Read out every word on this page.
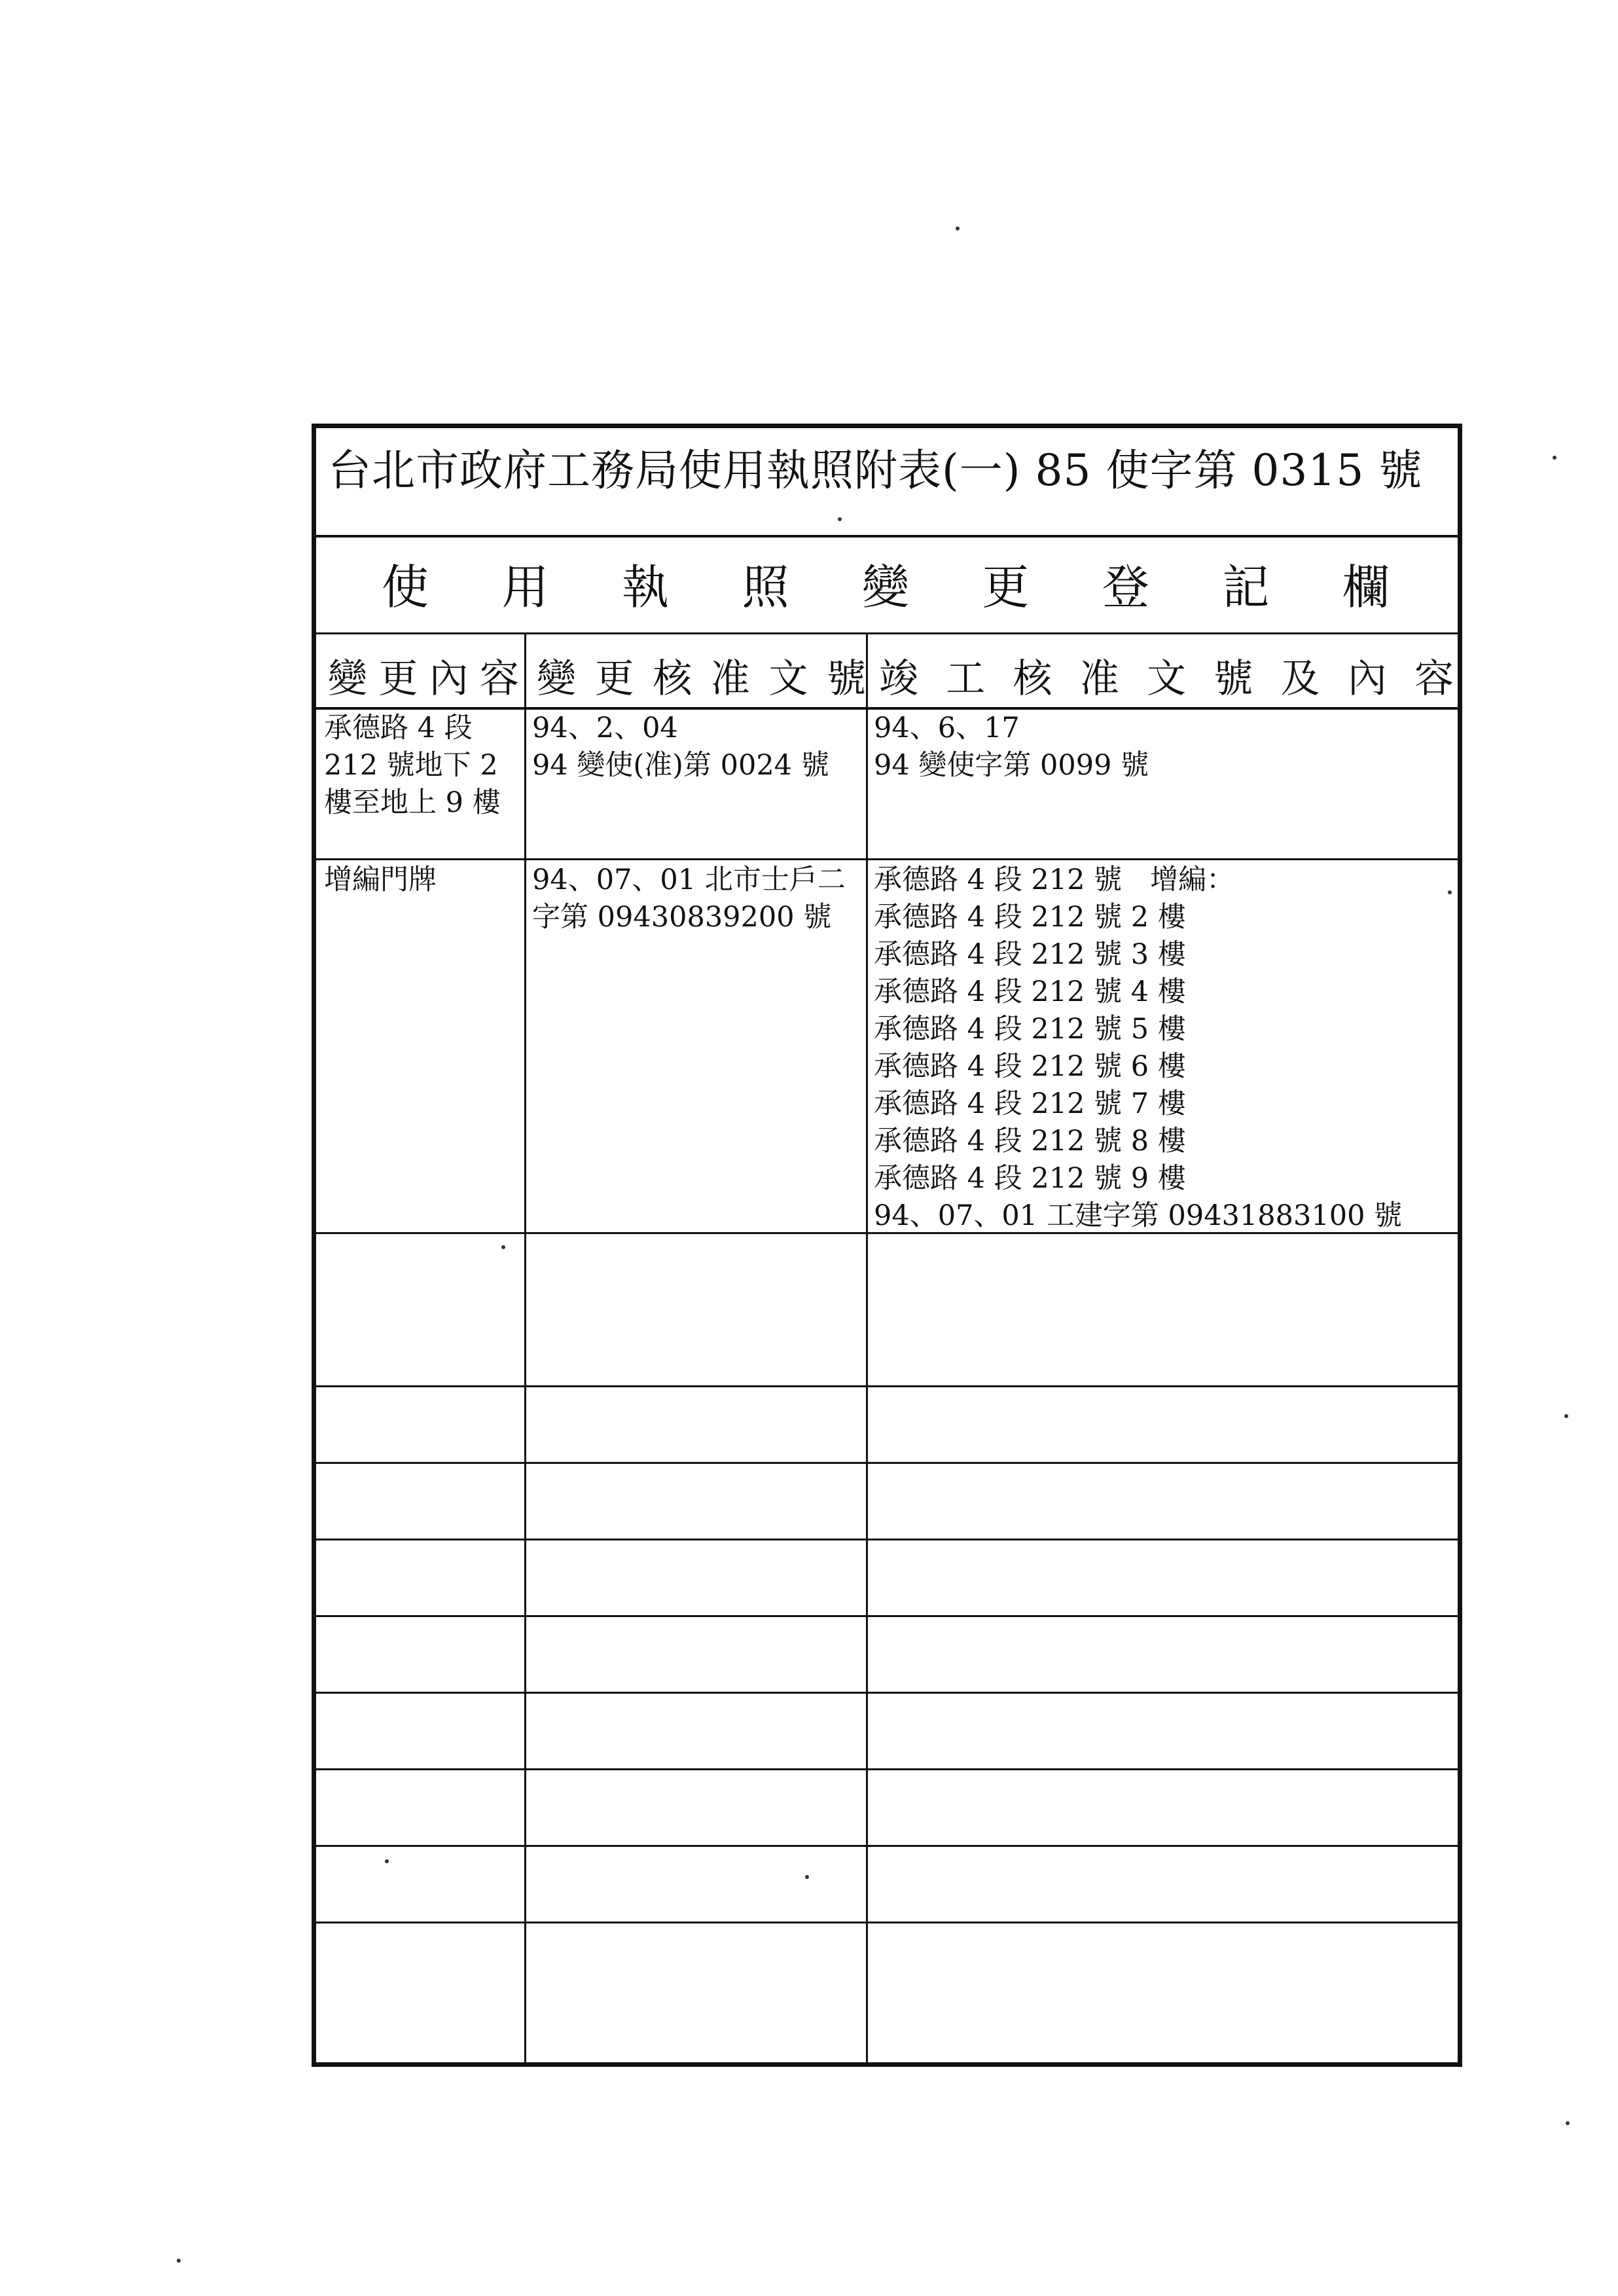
台北市政府工務局使用執照附表(一) 85 使字第 0315 號
使 用 執 照 變 更 登 記 欄
變 更 內 容 變 更 核 准 文 號 竣 工 核 准 文 號 及 內 容
承德路 4 段
212 號地下 2
樓至地上 9 樓
94、2、04
94 變使(准)第 0024 號
94、6、17
94 變使字第 0099 號
增編門牌	94、07、01 北市士戶二
字第 09430839200 號
承德路 4 段 212 號　增編：
承德路 4 段 212 號 2 樓
承德路 4 段 212 號 3 樓
承德路 4 段 212 號 4 樓
承德路 4 段 212 號 5 樓
承德路 4 段 212 號 6 樓
承德路 4 段 212 號 7 樓
承德路 4 段 212 號 8 樓
承德路 4 段 212 號 9 樓
94、07、01 工建字第 09431883100 號
